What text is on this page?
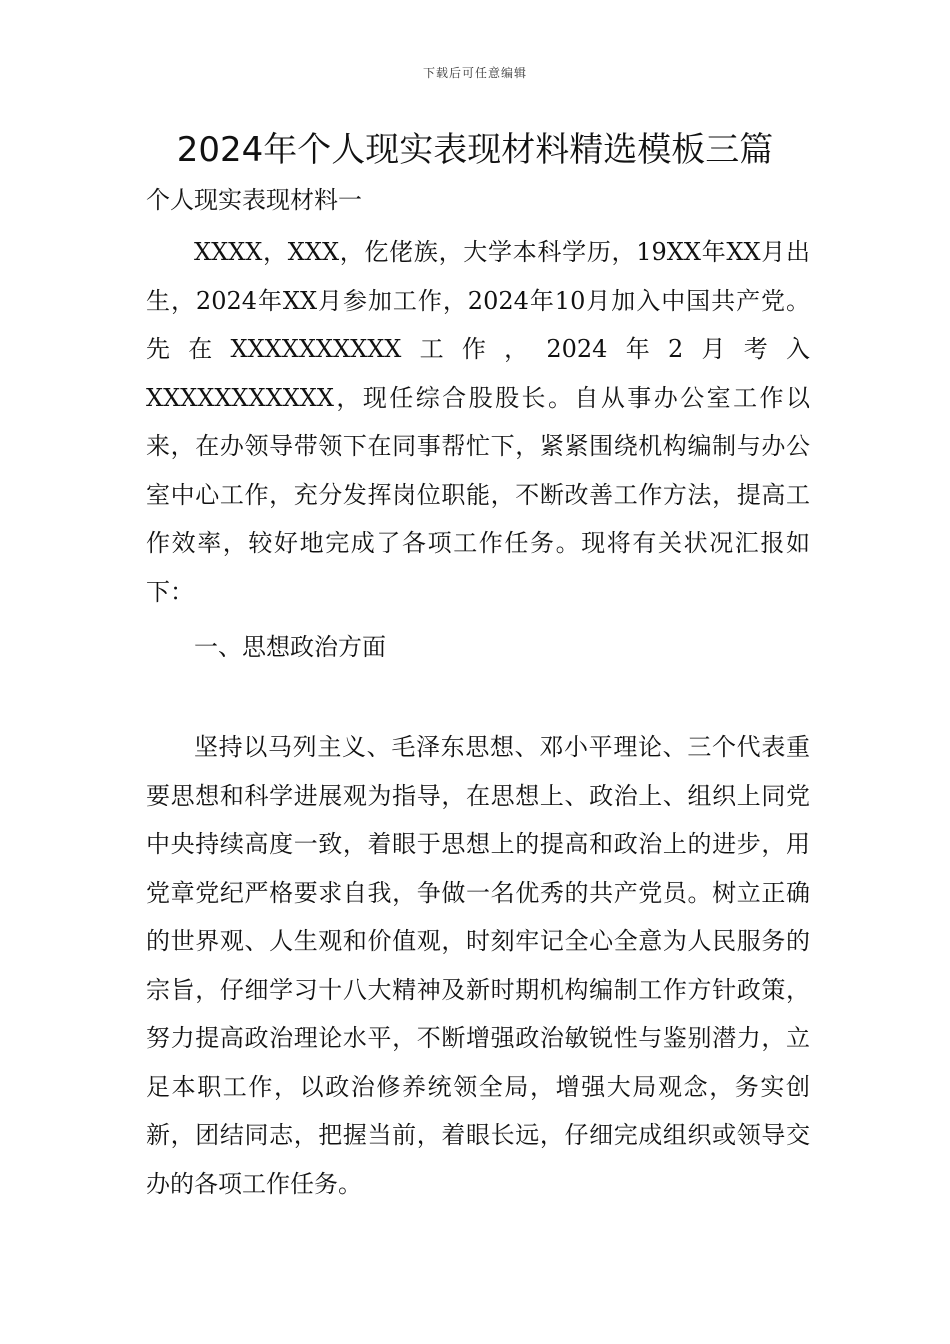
下载后可任意编辑
2024年个人现实表现材料精选模板三篇
个人现实表现材料一

XXXX，XXX，仡佬族，大学本科学历，19XX年XX月出生，2024年XX月参加工作，2024年10月加入中国共产党。先在XXXXXXXXXX工作，2024年2月考入XXXXXXXXXXX，现任综合股股长。自从事办公室工作以来，在办领导带领下在同事帮忙下，紧紧围绕机构编制与办公室中心工作，充分发挥岗位职能，不断改善工作方法，提高工作效率，较好地完成了各项工作任务。现将有关状况汇报如下：

一、思想政治方面

坚持以马列主义、毛泽东思想、邓小平理论、三个代表重要思想和科学进展观为指导，在思想上、政治上、组织上同党中央持续高度一致，着眼于思想上的提高和政治上的进步，用党章党纪严格要求自我，争做一名优秀的共产党员。树立正确的世界观、人生观和价值观，时刻牢记全心全意为人民服务的宗旨，仔细学习十八大精神及新时期机构编制工作方针政策，努力提高政治理论水平，不断增强政治敏锐性与鉴别潜力，立足本职工作，以政治修养统领全局，增强大局观念，务实创新，团结同志，把握当前，着眼长远，仔细完成组织或领导交办的各项工作任务。
